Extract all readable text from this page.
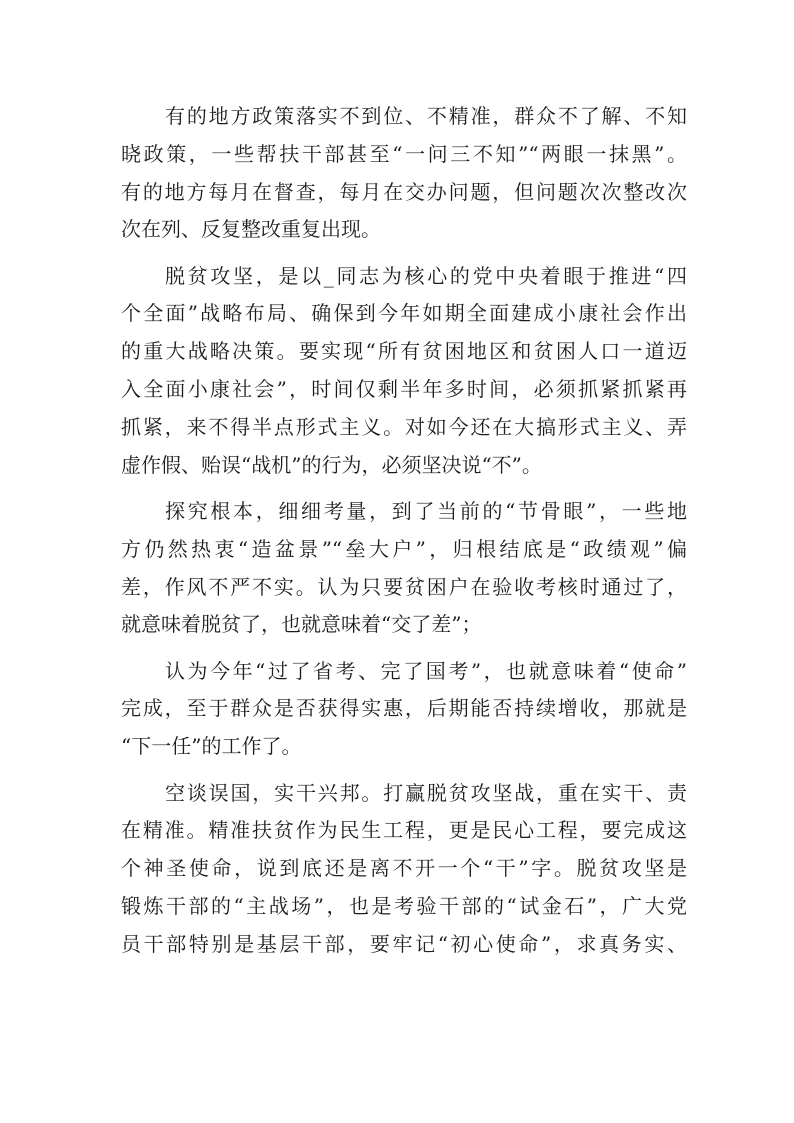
有的地方政策落实不到位、不精准，群众不了解、不知
晓政策，一些帮扶干部甚至“一问三不知”“两眼一抹黑”。
有的地方每月在督查，每月在交办问题，但问题次次整改次
次在列、反复整改重复出现。
脱贫攻坚，是以_同志为核心的党中央着眼于推进“四
个全面”战略布局、确保到今年如期全面建成小康社会作出
的重大战略决策。要实现“所有贫困地区和贫困人口一道迈
入全面小康社会”，时间仅剩半年多时间，必须抓紧抓紧再
抓紧，来不得半点形式主义。对如今还在大搞形式主义、弄
虚作假、贻误“战机”的行为，必须坚决说“不”。
探究根本，细细考量，到了当前的“节骨眼”，一些地
方仍然热衷“造盆景”“垒大户”，归根结底是“政绩观”偏
差，作风不严不实。认为只要贫困户在验收考核时通过了，
就意味着脱贫了，也就意味着“交了差”；
认为今年“过了省考、完了国考”，也就意味着“使命”
完成，至于群众是否获得实惠，后期能否持续增收，那就是
“下一任”的工作了。
空谈误国，实干兴邦。打赢脱贫攻坚战，重在实干、责
在精准。精准扶贫作为民生工程，更是民心工程，要完成这
个神圣使命，说到底还是离不开一个“干”字。脱贫攻坚是
锻炼干部的“主战场”，也是考验干部的“试金石”，广大党
员干部特别是基层干部，要牢记“初心使命”，求真务实、
